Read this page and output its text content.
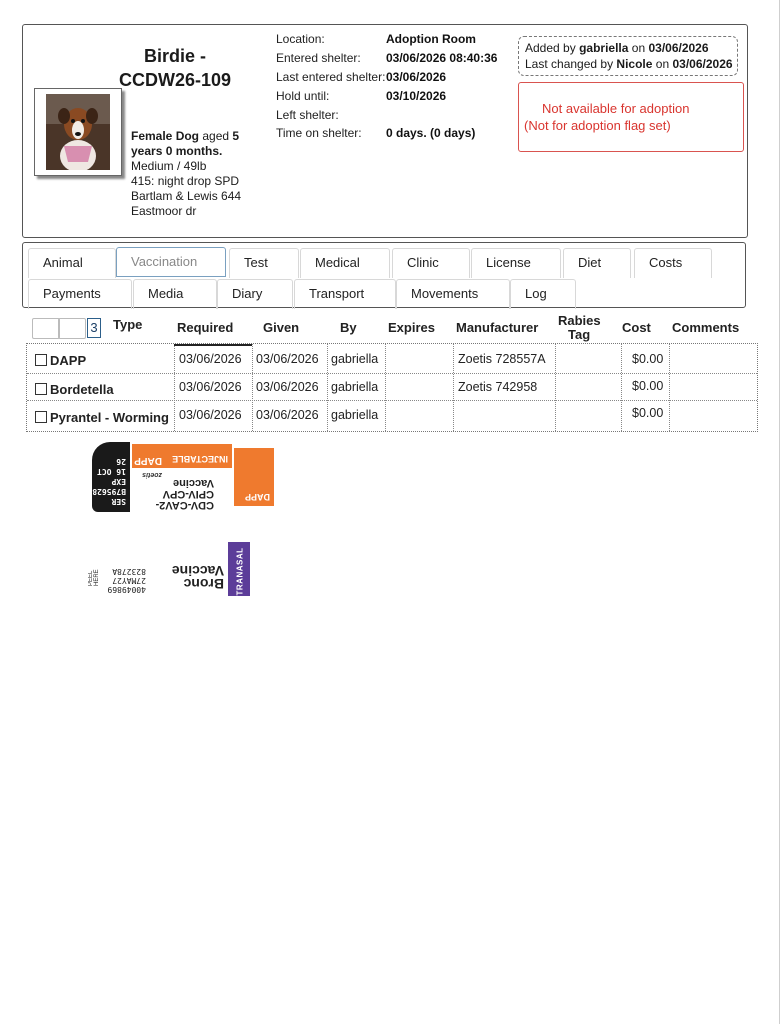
Birdie -
CCDW26-109
Female Dog aged 5
years 0 months.
Medium / 49lb
415: night drop SPD
Bartlam & Lewis 644
Eastmoor dr
Location:	Adoption Room
Entered shelter: 03/06/2026 08:40:36
Last entered shelter: 03/06/2026
Hold until:	03/10/2026
Left shelter:
Time on shelter: 0 days. (0 days)
Added by gabriella on 03/06/2026
Last changed by Nicole on 03/06/2026
Not available for adoption
(Not for adoption flag set)
Animal	Vaccination	Test	Medical	Clinic	License	Diet	Costs
Payments	Media	Diary	Transport	Movements	Log
3 Type	Required Given	By Expires Manufacturer Rabies
Tag Cost Comments
DAPP	03/06/2026 03/06/2026 gabriella	Zoetis 728557A	$0.00
Bordetella	03/06/2026 03/06/2026 gabriella	Zoetis 742958	$0.00
Pyrantel - Worming 03/06/2026 03/06/2026 gabriella	$0.00
SER
B795628
EXP
16 OCT 26	INJECTABLE
DAPP
DAPP
CDV-CAV2-
CPIV-CPV
Vaccine
zoetis
TRANASAL
Bronc
Vaccine
40049869
27MAY27
823278A
PEEL HERE
